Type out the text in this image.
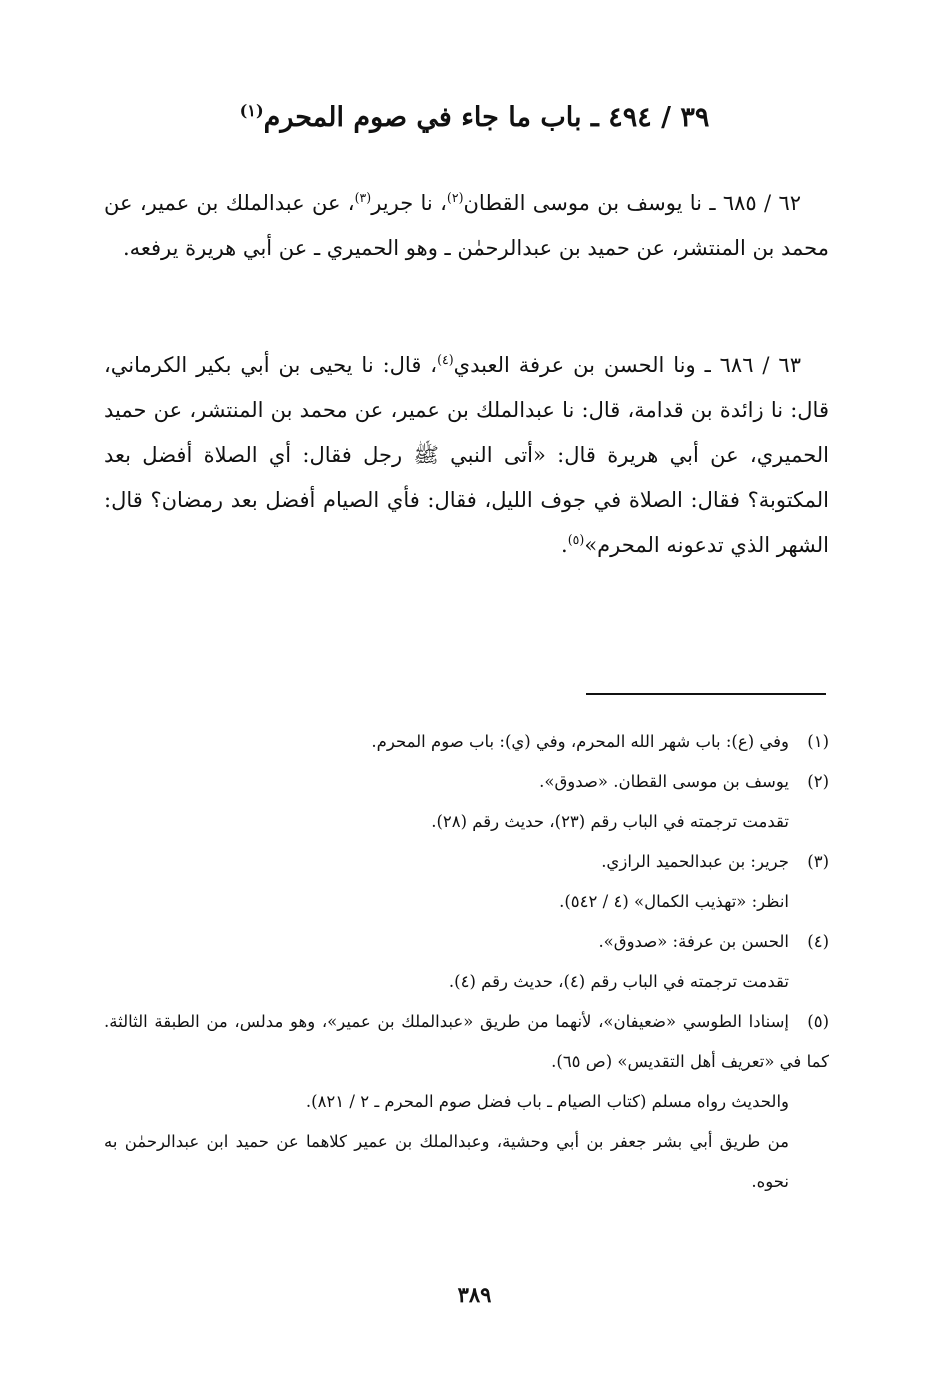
٣٩ / ٤٩٤ ـ باب ما جاء في صوم المحرم$^{(١)}$

٦٢ / ٦٨٥ ـ نا يوسف بن موسى القطان$^{(٢)}$، نا جرير$^{(٣)}$، عن عبدالملك بن عمير، عن محمد بن المنتشر، عن حميد بن عبدالرحمٰن ـ وهو الحميري ـ عن أبي هريرة يرفعه.

٦٣ / ٦٨٦ ـ ونا الحسن بن عرفة العبدي$^{(٤)}$، قال: نا يحيى بن أبي بكير الكرماني، قال: نا زائدة بن قدامة، قال: نا عبدالملك بن عمير، عن محمد بن المنتشر، عن حميد الحميري، عن أبي هريرة قال: «أتى النبي ﷺ رجل فقال: أي الصلاة أفضل بعد المكتوبة؟ فقال: الصلاة في جوف الليل، فقال: فأي الصيام أفضل بعد رمضان؟ قال: الشهر الذي تدعونه المحرم»$^{(٥)}$.

(١)وفي (ع): باب شهر الله المحرم، وفي (ي): باب صوم المحرم.
(٢)يوسف بن موسى القطان. «صدوق».
تقدمت ترجمته في الباب رقم (٢٣)، حديث رقم (٢٨).
(٣)جرير: بن عبدالحميد الرازي.
انظر: «تهذيب الكمال» (٤ / ٥٤٢).
(٤)الحسن بن عرفة: «صدوق».
تقدمت ترجمته في الباب رقم (٤)، حديث رقم (٤).
(٥)إسنادا الطوسي «ضعيفان»، لأنهما من طريق «عبدالملك بن عمير»، وهو مدلس، من الطبقة الثالثة. كما في «تعريف أهل التقديس» (ص ٦٥).
والحديث رواه مسلم (كتاب الصيام ـ باب فضل صوم المحرم ـ ٢ / ٨٢١).
من طريق أبي بشر جعفر بن أبي وحشية، وعبدالملك بن عمير كلاهما عن حميد ابن عبدالرحمٰن به نحوه.
٣٨٩
